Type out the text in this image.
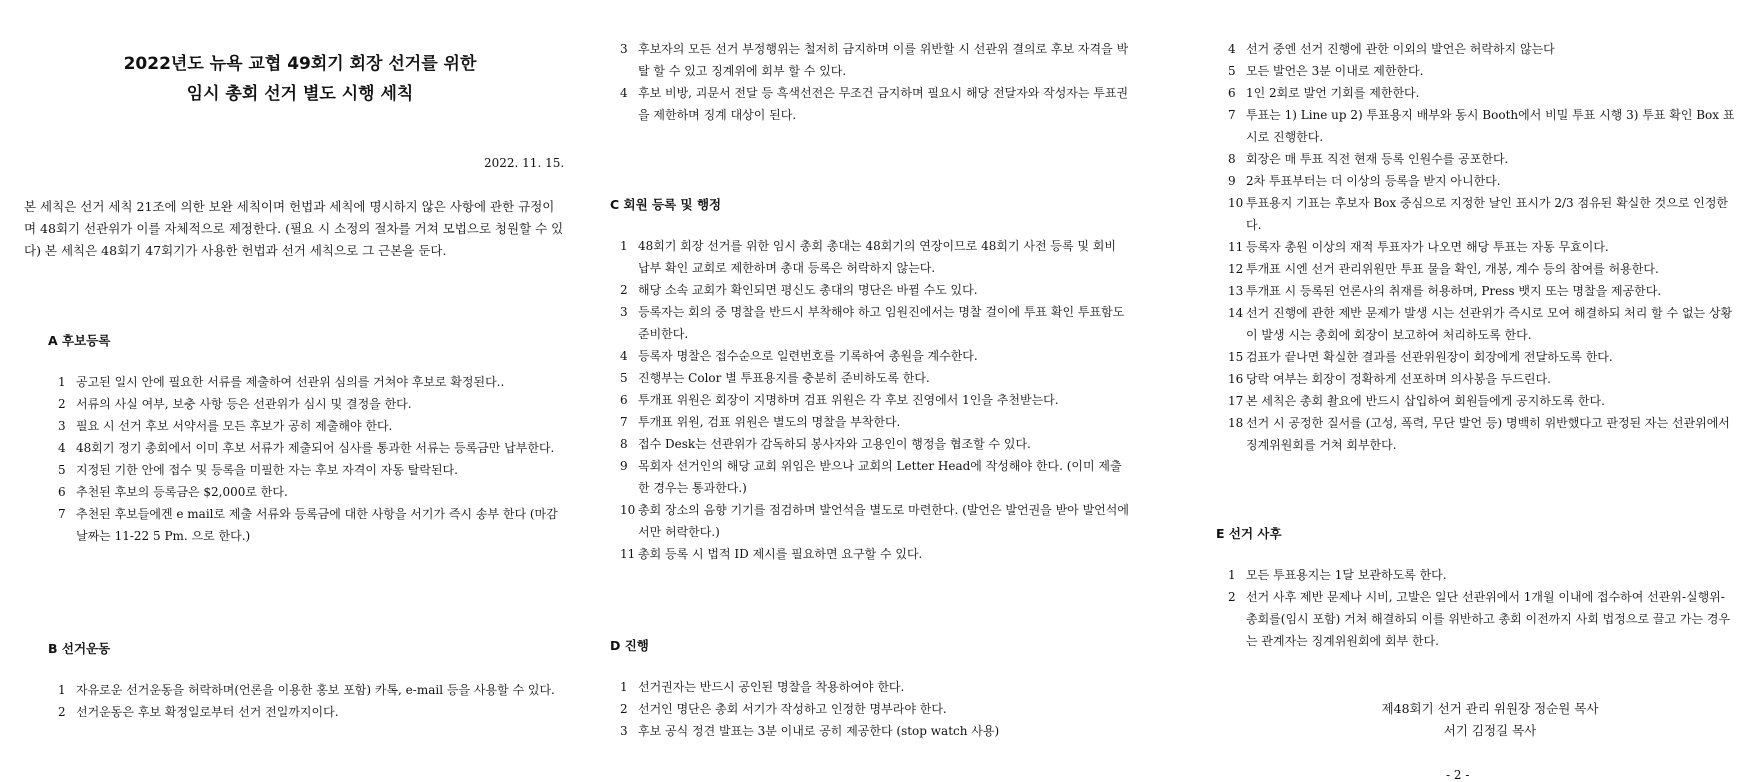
2022년도 뉴욕 교협 49회기 회장 선거를 위한
임시 총회 선거 별도 시행 세칙
2022. 11. 15.
본 세칙은 선거 세칙 21조에 의한 보완 세칙이며 헌법과 세칙에 명시하지 않은 사항에 관한 규정이며 48회기 선관위가 이를 자체적으로 제정한다. (필요 시 소정의 절차를 거쳐 모법으로 청원할 수 있다) 본 세칙은 48회기 47회기가 사용한 헌법과 선거 세칙으로 그 근본을 둔다.
A 후보등록
1 공고된 일시 안에 필요한 서류를 제출하여 선관위 심의를 거쳐야 후보로 확정된다..
2 서류의 사실 여부, 보충 사항 등은 선관위가 심시 및 결정을 한다.
3 필요 시 선거 후보 서약서를 모든 후보가 공히 제출해야 한다.
4 48회기 정기 총회에서 이미 후보 서류가 제출되어 심사를 통과한 서류는 등록금만 납부한다.
5 지정된 기한 안에 접수 및 등록을 미필한 자는 후보 자격이 자동 탈락된다.
6 추천된 후보의 등록금은 $2,000로 한다.
7 추천된 후보들에겐 e mail로 제출 서류와 등록금에 대한 사항을 서기가 즉시 송부 한다 (마감 날짜는 11-22 5 Pm. 으로 한다.)
B 선거운동
1 자유로운 선거운동을 허락하며(언론을 이용한 홍보 포함) 카톡, e-mail 등을 사용할 수 있다.
2 선거운동은 후보 확정일로부터 선거 전일까지이다.
3 후보자의 모든 선거 부정행위는 철저히 금지하며 이를 위반할 시 선관위 결의로 후보 자격을 박탈 할 수 있고 징계위에 회부 할 수 있다.
4 후보 비방, 괴문서 전달 등 흑색선전은 무조건 금지하며 필요시 해당 전달자와 작성자는 투표권을 제한하며 징계 대상이 된다.
C 회원 등록 및 행정
1 48회기 회장 선거를 위한 임시 총회 총대는 48회기의 연장이므로 48회기 사전 등록 및 회비 납부 확인 교회로 제한하며 총대 등록은 허락하지 않는다.
2 해당 소속 교회가 확인되면 평신도 총대의 명단은 바뀔 수도 있다.
3 등록자는 회의 중 명찰을 반드시 부착해야 하고 임원진에서는 명찰 걸이에 투표 확인 투표함도 준비한다.
4 등록자 명찰은 접수순으로 일련번호를 기록하여 총원을 계수한다.
5 진행부는 Color 별 투표용지를 충분히 준비하도록 한다.
6 투개표 위원은 회장이 지명하며 검표 위원은 각 후보 진영에서 1인을 추천받는다.
7 투개표 위원, 검표 위원은 별도의 명찰을 부착한다.
8 접수 Desk는 선관위가 감독하되 봉사자와 고용인이 행정을 협조할 수 있다.
9 목회자 선거인의 해당 교회 위임은 받으나 교회의 Letter Head에 작성해야 한다. (이미 제출한 경우는 통과한다.)
10 총회 장소의 음향 기기를 점검하며 발언석을 별도로 마련한다. (발언은 발언권을 받아 발언석에서만 허락한다.)
11 총회 등록 시 법적 ID 제시를 필요하면 요구할 수 있다.
D 진행
1 선거권자는 반드시 공인된 명찰을 착용하여야 한다.
2 선거인 명단은 총회 서기가 작성하고 인정한 명부라야 한다.
3 후보 공식 정견 발표는 3분 이내로 공히 제공한다 (stop watch 사용)
4 선거 중엔 선거 진행에 관한 이외의 발언은 허락하지 않는다
5 모든 발언은 3분 이내로 제한한다.
6 1인 2회로 발언 기회를 제한한다.
7 투표는 1) Line up 2) 투표용지 배부와 동시 Booth에서 비밀 투표 시행 3) 투표 확인 Box 표시로 진행한다.
8 회장은 매 투표 직전 현재 등록 인원수를 공포한다.
9 2차 투표부터는 더 이상의 등록을 받지 아니한다.
10 투표용지 기표는 후보자 Box 중심으로 지정한 날인 표시가 2/3 점유된 확실한 것으로 인정한다.
11 등록자 총원 이상의 재적 투표자가 나오면 해당 투표는 자동 무효이다.
12 투개표 시엔 선거 관리위원만 투표 물을 확인, 개봉, 계수 등의 참여를 허용한다.
13 투개표 시 등록된 언론사의 취재를 허용하며, Press 뱃지 또는 명찰을 제공한다.
14 선거 진행에 관한 제반 문제가 발생 시는 선관위가 즉시로 모여 해결하되 처리 할 수 없는 상황이 발생 시는 총회에 회장이 보고하여 처리하도록 한다.
15 검표가 끝나면 확실한 결과를 선관위원장이 회장에게 전달하도록 한다.
16 당락 여부는 회장이 정확하게 선포하며 의사봉을 두드린다.
17 본 세칙은 총회 촬요에 반드시 삽입하여 회원들에게 공지하도록 한다.
18 선거 시 공정한 질서를 (고성, 폭력, 무단 발언 등) 명백히 위반했다고 판정된 자는 선관위에서 징계위원회를 거쳐 회부한다.
E 선거 사후
1 모든 투표용지는 1달 보관하도록 한다.
2 선거 사후 제반 문제나 시비, 고발은 일단 선관위에서 1개월 이내에 접수하여 선관위-실행위-총회를(임시 포함) 거쳐 해결하되 이를 위반하고 총회 이전까지 사회 법정으로 끌고 가는 경우는 관계자는 징계위원회에 회부 한다.
제48회기 선거 관리 위원장 정순원 목사
서기 김정길 목사
- 2 -
